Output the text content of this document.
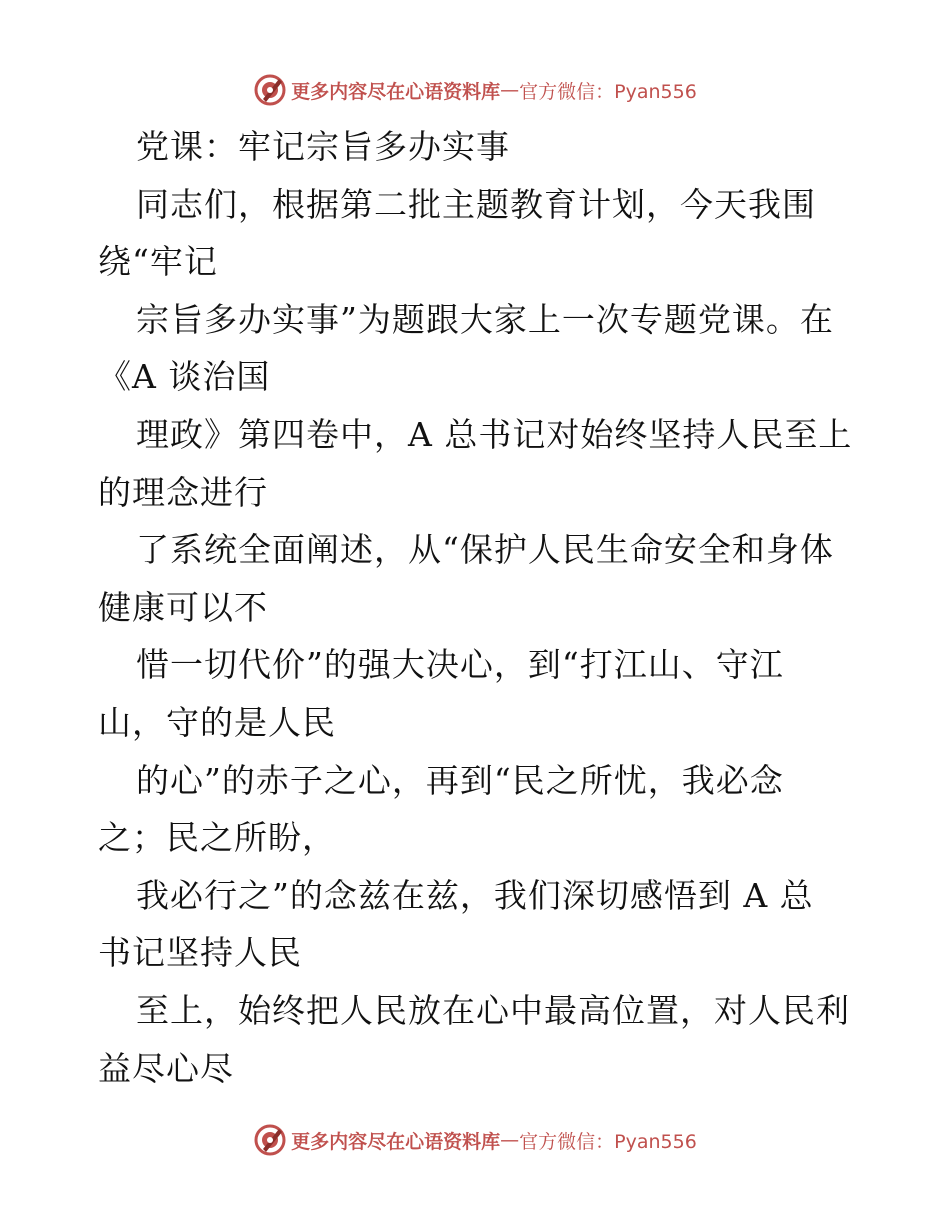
更多内容尽在心语资料库 — 官方微信：Pyan556
党课：牢记宗旨多办实事
同志们，根据第二批主题教育计划，今天我围
绕“牢记
宗旨多办实事”为题跟大家上一次专题党课。在
《A 谈治国
理政》第四卷中，A 总书记对始终坚持人民至上
的理念进行
了系统全面阐述，从“保护人民生命安全和身体
健康可以不
惜一切代价”的强大决心，到“打江山、守江
山，守的是人民
的心”的赤子之心，再到“民之所忧，我必念
之；民之所盼，
我必行之”的念兹在兹，我们深切感悟到 A 总
书记坚持人民
至上，始终把人民放在心中最高位置，对人民利
益尽心尽
更多内容尽在心语资料库 — 官方微信：Pyan556
